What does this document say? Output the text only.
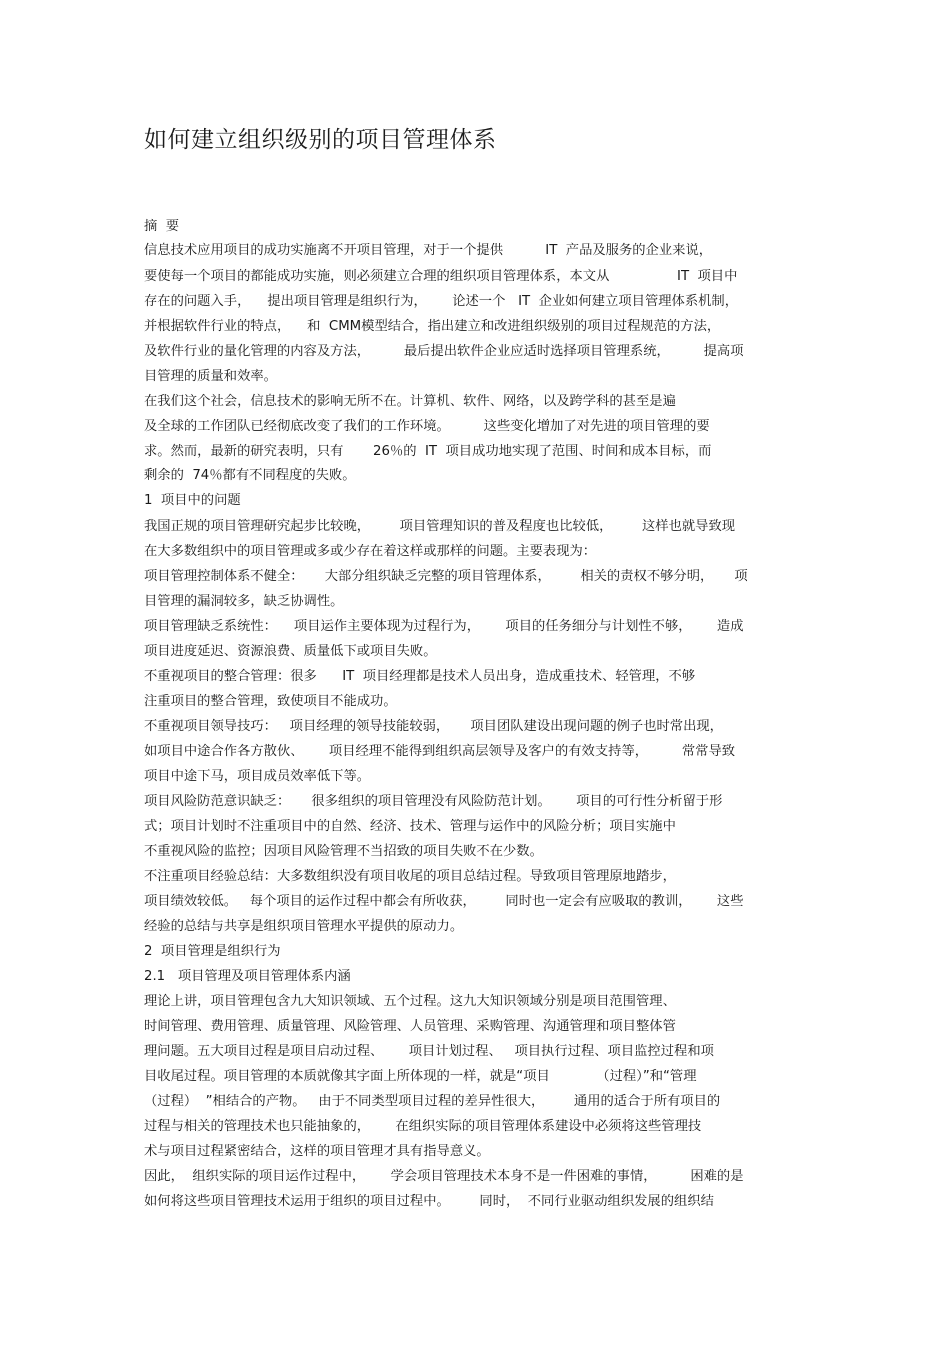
如何建立组织级别的项目管理体系
摘  要
信息技术应用项目的成功实施离不开项目管理，对于一个提供          IT  产品及服务的企业来说，
要使每一个项目的都能成功实施，则必须建立合理的组织项目管理体系，本文从                IT  项目中
存在的问题入手，    提出项目管理是组织行为，      论述一个   IT  企业如何建立项目管理体系机制，
并根据软件行业的特点，    和  CMM模型结合，指出建立和改进组织级别的项目过程规范的方法，
及软件行业的量化管理的内容及方法，        最后提出软件企业应适时选择项目管理系统，        提高项
目管理的质量和效率。
在我们这个社会，信息技术的影响无所不在。计算机、软件、网络，以及跨学科的甚至是遍
及全球的工作团队已经彻底改变了我们的工作环境。        这些变化增加了对先进的项目管理的要
求。然而，最新的研究表明，只有       26％的  IT  项目成功地实现了范围、时间和成本目标，而
剩余的  74％都有不同程度的失败。
1  项目中的问题
我国正规的项目管理研究起步比较晚，       项目管理知识的普及程度也比较低，       这样也就导致现
在大多数组织中的项目管理或多或少存在着这样或那样的问题。主要表现为：
项目管理控制体系不健全：     大部分组织缺乏完整的项目管理体系，       相关的责权不够分明，     项
目管理的漏洞较多，缺乏协调性。
项目管理缺乏系统性：    项目运作主要体现为过程行为，      项目的任务细分与计划性不够，      造成
项目进度延迟、资源浪费、质量低下或项目失败。
不重视项目的整合管理：很多      IT  项目经理都是技术人员出身，造成重技术、轻管理，不够
注重项目的整合管理，致使项目不能成功。
不重视项目领导技巧：   项目经理的领导技能较弱，     项目团队建设出现问题的例子也时常出现，
如项目中途合作各方散伙、      项目经理不能得到组织高层领导及客户的有效支持等，        常常导致
项目中途下马，项目成员效率低下等。
项目风险防范意识缺乏：     很多组织的项目管理没有风险防范计划。      项目的可行性分析留于形
式；项目计划时不注重项目中的自然、经济、技术、管理与运作中的风险分析；项目实施中
不重视风险的监控；因项目风险管理不当招致的项目失败不在少数。
不注重项目经验总结：大多数组织没有项目收尾的项目总结过程。导致项目管理原地踏步，
项目绩效较低。   每个项目的运作过程中都会有所收获，       同时也一定会有应吸取的教训，      这些
经验的总结与共享是组织项目管理水平提供的原动力。
2  项目管理是组织行为
2.1   项目管理及项目管理体系内涵
理论上讲，项目管理包含九大知识领域、五个过程。这九大知识领域分别是项目范围管理、
时间管理、费用管理、质量管理、风险管理、人员管理、采购管理、沟通管理和项目整体管
理问题。五大项目过程是项目启动过程、      项目计划过程、   项目执行过程、项目监控过程和项
目收尾过程。项目管理的本质就像其字面上所体现的一样，就是“项目           （过程）”和“管理
（过程）  ”相结合的产物。   由于不同类型项目过程的差异性很大，       通用的适合于所有项目的
过程与相关的管理技术也只能抽象的，      在组织实际的项目管理体系建设中必须将这些管理技
术与项目过程紧密结合，这样的项目管理才具有指导意义。
因此，  组织实际的项目运作过程中，      学会项目管理技术本身不是一件困难的事情，        困难的是
如何将这些项目管理技术运用于组织的项目过程中。       同时，  不同行业驱动组织发展的组织结
